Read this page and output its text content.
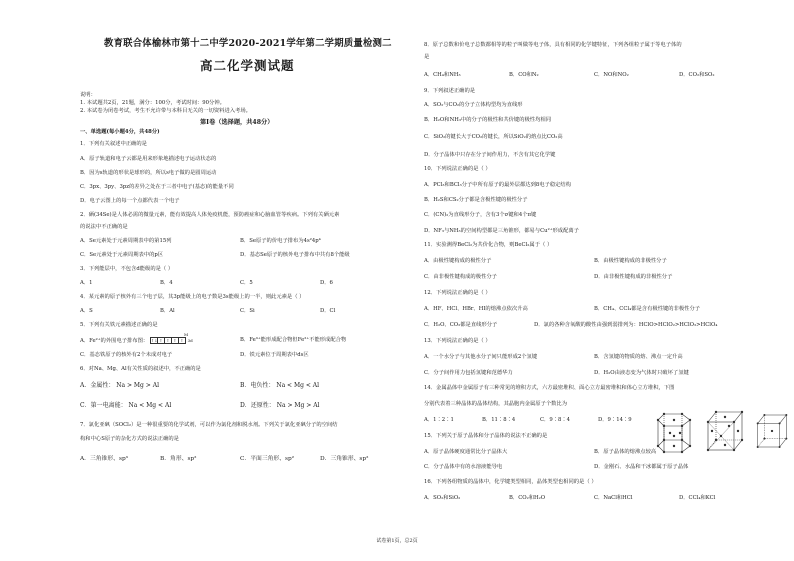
教育联合体榆林市第十二中学2020-2021学年第二学期质量检测二
高二化学测试题
说明：
1. 本试题共2页，21题，满分：100分，考试时间：90分钟。
2. 本试卷为闭卷考试，考生不允许带与本科目无关的一切资料进入考场。
第Ⅰ卷（选择题，共48分）
一、单选题(每小题4分，共48分)
1．下列有关叙述中正确的是
A．原子轨道和电子云都是用来形象地描述电子运动状态的
B．因为s轨道的形状是球形的，所以s电子做的是圆周运动
C．3px、3py、3pz的差异之处在于三者中电子(基态)的能量不同
D．电子云图上的每一个点都代表一个电子
2．硒(34Se)是人体必需的微量元素，能有效提高人体免疫机能，预防癌症和心脑血管等疾病。下列有关硒元素
的说法中不正确的是
A．Se元素处于元素周期表中的第15列	B．Se原子的价电子排布为4s²4p⁴
C．Se元素处于元素周期表中的p区	D．基态Se原子的核外电子排布中共有8个能级
3．下列能层中，不包含d能级的是（ ）
A．1	B．4	C．5	D．6
4．某元素的原子核外有三个电子层，其3p能级上的电子数是3s能级上的一半，则此元素是（ ）
A．S	B．Al	C．Si	D．Cl
5．下列有关铁元素描述正确的是
A．Fe²⁺的外围电子排布图： ↑↓ ↑ ↑ ↑ ↑ 3d
M
B．Fe³⁺能形成配合物但Fe²⁺不能形成配合物
C．基态铁原子的核外有2个未成对电子	D．铁元素位于周期表中ds区
6．对Na、Mg、Al有关性质的叙述中，不正确的是
A．金属性： Na > Mg > Al	B．电负性： Na < Mg < Al
C．第一电离能： Na < Mg < Al	D．还原性： Na > Mg > Al
7．氯化亚砜（SOCl₂）是一种很重要的化学试剂，可以作为氯化剂和脱水剂。下列关于氯化亚砜分子的空间结
构和中心S原子的杂化方式的说法正确的是
A．三角锥形、sp³	B．角形、sp²	C．平面三角形、sp²	D．三角锥形、sp²
8．原子总数和价电子总数都相等的粒子叫做等电子体，具有相同的化学键特征，下列各组粒子属于等电子体的
是
A．CH₄和NH₃	B．CO和N₂	C．NO和NO₂	D．CO₂和SO₂
9．下列叙述正确的是
A．SO₂与CO₂的分子立体构型均为直线形
B．H₂O和NH₃中的分子的极性和共价键的极性均相同
C．SiO₂的键长大于CO₂的键长，所以SiO₂的熔点比CO₂高
D．分子晶体中只存在分子间作用力，不含有其它化学键
10．下列说法正确的是（ ）
A．PCl₃和BCl₃分子中所有原子的最外层都达到8电子稳定结构
B．H₂S和CS₂分子都是含极性键的极性分子
C．(CN)₂为直线形分子，含有3个σ键和4个π键
D．NF₃与NH₃的空间构型都是三角锥形，都易与Cu²⁺形成配离子
11．实验测得BeCl₂为共价化合物，则BeCl₂属于（ ）
A．由极性键构成的极性分子	B．由极性键构成的非极性分子
C．由非极性键构成的极性分子	D．由非极性键构成的非极性分子
12．下列说法正确的是（ ）
A．HF、HCl、HBr、HI的熔沸点依次升高	B．CH₄、CCl₄都是含有极性键的非极性分子
C．H₂O、CO₂都是直线形分子	D．氯的各种含氧酸的酸性由强到弱排列为：HClO>HClO₂>HClO₃>HClO₄
13．下列说法正确的是（ ）
A．一个水分子与其他水分子间只能形成2个氢键	B．含氢键的物质的熔、沸点一定升高
C．分子间作用力包括氢键和范德华力	D．H₂O由液态变为气体时只破坏了氢键
14．金属晶体中金属原子有三种常见的堆积方式，六方最密堆积、面心立方最密堆积和体心立方堆积，下图
分别代表着三种晶体的晶体结构，其晶胞内金属原子个数比为
A．1∶2∶1	B．11∶8∶4	C．9∶8∶4	D．9∶14∶9
15．下列关于原子晶体和分子晶体的说法不正确的是
A．原子晶体硬度通常比分子晶体大	B．原子晶体的熔沸点较高
C．分子晶体中有的水溶液能导电	D．金刚石、水晶和干冰都属于原子晶体
16．下列各组物质的晶体中，化学键类型相同，晶体类型也相同的是（ ）
A．SO₂和SiO₂	B．CO₂和H₂O	C．NaCl和HCl	D．CCl₄和KCl
试卷第1页，总2页
